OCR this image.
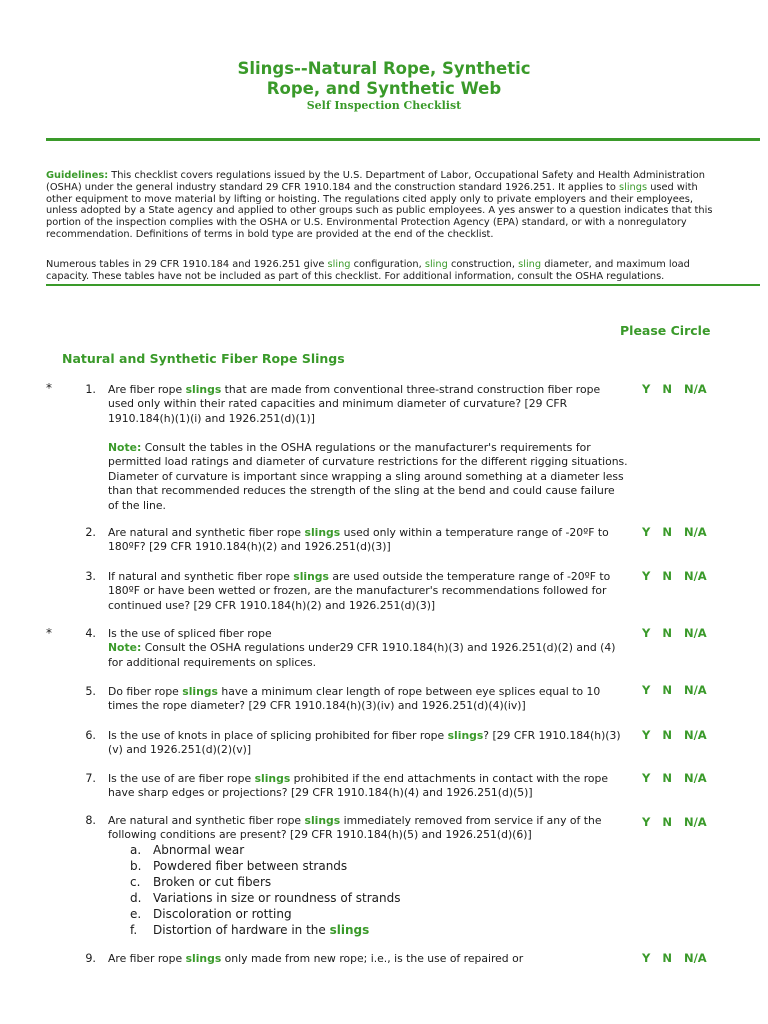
Slings--Natural Rope, Synthetic
Rope, and Synthetic Web
Self Inspection Checklist
Guidelines: This checklist covers regulations issued by the U.S. Department of Labor, Occupational Safety and Health Administration (OSHA) under the general industry standard 29 CFR 1910.184 and the construction standard 1926.251. It applies to slings used with other equipment to move material by lifting or hoisting. The regulations cited apply only to private employers and their employees, unless adopted by a State agency and applied to other groups such as public employees. A yes answer to a question indicates that this portion of the inspection complies with the OSHA or U.S. Environmental Protection Agency (EPA) standard, or with a nonregulatory recommendation. Definitions of terms in bold type are provided at the end of the checklist.
Numerous tables in 29 CFR 1910.184 and 1926.251 give sling configuration, sling construction, sling diameter, and maximum load capacity. These tables have not be included as part of this checklist. For additional information, consult the OSHA regulations.
Please Circle
Natural and Synthetic Fiber Rope Slings
*	1. Are fiber rope slings that are made from conventional three-strand construction fiber rope used only within their rated capacities and minimum diameter of curvature? [29 CFR 1910.184(h)(1)(i) and 1926.251(d)(1)]
Y N N/A
Note: Consult the tables in the OSHA regulations or the manufacturer's requirements for permitted load ratings and diameter of curvature restrictions for the different rigging situations. Diameter of curvature is important since wrapping a sling around something at a diameter less than that recommended reduces the strength of the sling at the bend and could cause failure of the line.
2. Are natural and synthetic fiber rope slings used only within a temperature range of -20ºF to 180ºF? [29 CFR 1910.184(h)(2) and 1926.251(d)(3)]
Y N N/A
3. If natural and synthetic fiber rope slings are used outside the temperature range of -20ºF to 180ºF or have been wetted or frozen, are the manufacturer's recommendations followed for continued use? [29 CFR 1910.184(h)(2) and 1926.251(d)(3)]
Y N N/A
*	4. Is the use of spliced fiber rope
Note: Consult the OSHA regulations under29 CFR 1910.184(h)(3) and 1926.251(d)(2) and (4) for additional requirements on splices.
Y N N/A
5. Do fiber rope slings have a minimum clear length of rope between eye splices equal to 10 times the rope diameter? [29 CFR 1910.184(h)(3)(iv) and 1926.251(d)(4)(iv)]
Y N N/A
6. Is the use of knots in place of splicing prohibited for fiber rope slings? [29 CFR 1910.184(h)(3)(v) and 1926.251(d)(2)(v)]
Y N N/A
7. Is the use of are fiber rope slings prohibited if the end attachments in contact with the rope have sharp edges or projections? [29 CFR 1910.184(h)(4) and 1926.251(d)(5)]
Y N N/A
8. Are natural and synthetic fiber rope slings immediately removed from service if any of the following conditions are present? [29 CFR 1910.184(h)(5) and 1926.251(d)(6)]
Y N N/A
a. Abnormal wear
b. Powdered fiber between strands
c. Broken or cut fibers
d. Variations in size or roundness of strands
e. Discoloration or rotting
f. Distortion of hardware in the slings
9. Are fiber rope slings only made from new rope; i.e., is the use of repaired or	Y N N/A
